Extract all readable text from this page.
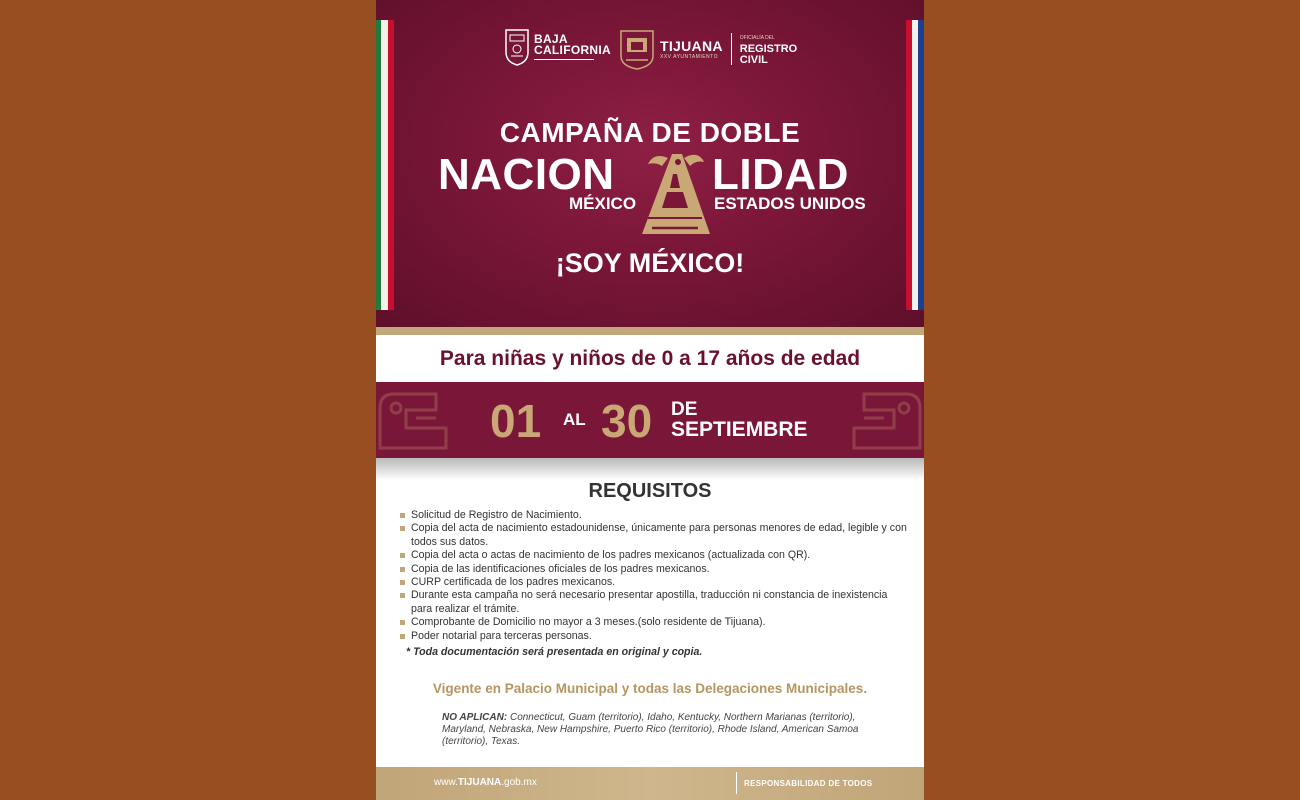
BAJA
CALIFORNIA	TIJUANA
XXV AYUNTAMIENTO
OFICIALÍA DEL
REGISTRO
CIVIL
CAMPAÑA DE DOBLE
NACION LIDAD
MÉXICO	ESTADOS UNIDOS
¡SOY MÉXICO!
Para niñas y niños de 0 a 17 años de edad
01 AL 30 DE
SEPTIEMBRE
REQUISITOS
Solicitud de Registro de Nacimiento.
Copia del acta de nacimiento estadounidense, únicamente para personas menores de edad, legible y con todos sus datos.
Copia del acta o actas de nacimiento de los padres mexicanos (actualizada con QR).
Copia de las identificaciones oficiales de los padres mexicanos.
CURP certificada de los padres mexicanos.
Durante esta campaña no será necesario presentar apostilla, traducción ni constancia de inexistencia para realizar el trámite.
Comprobante de Domicilio no mayor a 3 meses.(solo residente de Tijuana).
Poder notarial para terceras personas.
* Toda documentación será presentada en original y copia.
Vigente en Palacio Municipal y todas las Delegaciones Municipales.
NO APLICAN: Connecticut, Guam (territorio), Idaho, Kentucky, Northern Marianas (territorio), Maryland, Nebraska, New Hampshire, Puerto Rico (territorio), Rhode Island, American Samoa (territorio), Texas.
www.TIJUANA.gob.mx	RESPONSABILIDAD DE TODOS
